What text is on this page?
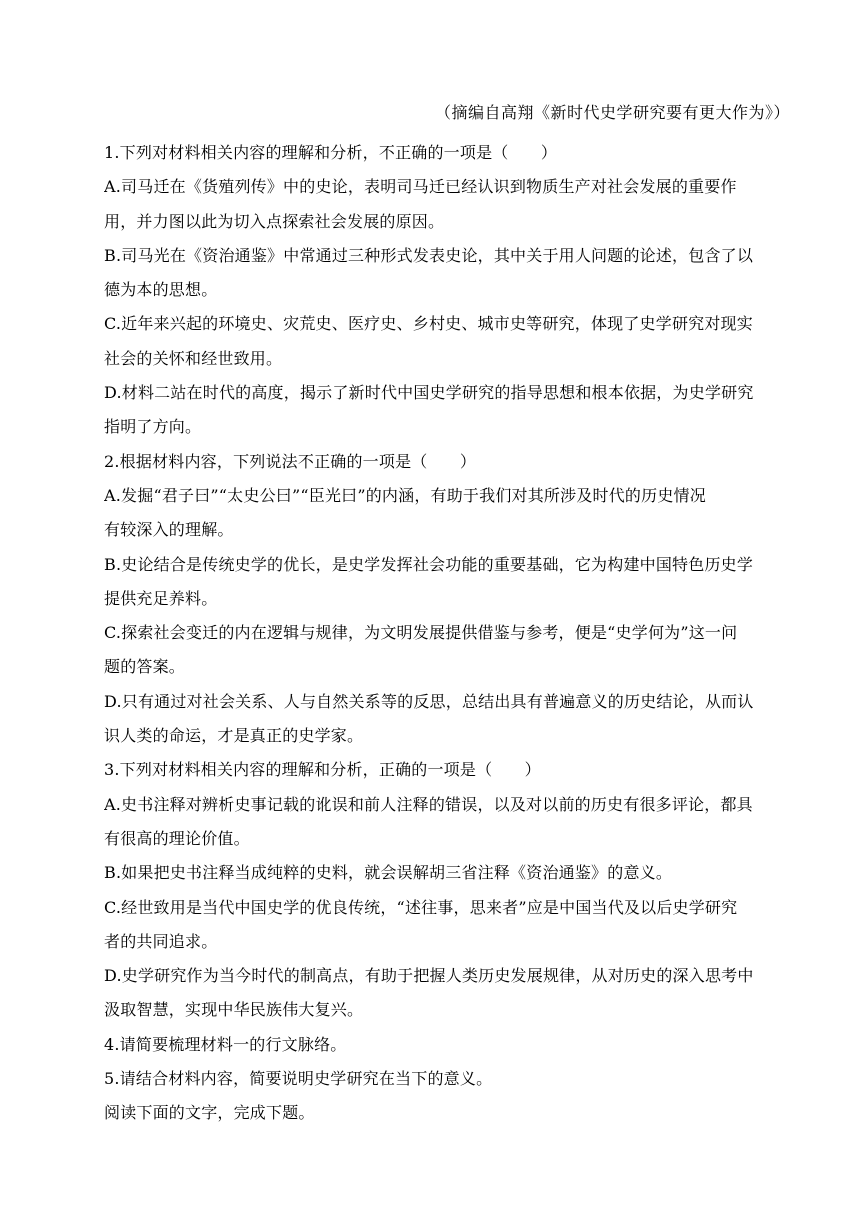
（摘编自高翔《新时代史学研究要有更大作为》）
1.下列对材料相关内容的理解和分析，不正确的一项是（　　）
A.司马迁在《货殖列传》中的史论，表明司马迁已经认识到物质生产对社会发展的重要作
用，并力图以此为切入点探索社会发展的原因。
B.司马光在《资治通鉴》中常通过三种形式发表史论，其中关于用人问题的论述，包含了以
德为本的思想。
C.近年来兴起的环境史、灾荒史、医疗史、乡村史、城市史等研究，体现了史学研究对现实
社会的关怀和经世致用。
D.材料二站在时代的高度，揭示了新时代中国史学研究的指导思想和根本依据，为史学研究
指明了方向。
2.根据材料内容，下列说法不正确的一项是（　　）
A.发掘“君子曰”“太史公曰”“臣光曰”的内涵，有助于我们对其所涉及时代的历史情况
有较深入的理解。
B.史论结合是传统史学的优长，是史学发挥社会功能的重要基础，它为构建中国特色历史学
提供充足养料。
C.探索社会变迁的内在逻辑与规律，为文明发展提供借鉴与参考，便是“史学何为”这一问
题的答案。
D.只有通过对社会关系、人与自然关系等的反思，总结出具有普遍意义的历史结论，从而认
识人类的命运，才是真正的史学家。
3.下列对材料相关内容的理解和分析，正确的一项是（　　）
A.史书注释对辨析史事记载的讹误和前人注释的错误，以及对以前的历史有很多评论，都具
有很高的理论价值。
B.如果把史书注释当成纯粹的史料，就会误解胡三省注释《资治通鉴》的意义。
C.经世致用是当代中国史学的优良传统，“述往事，思来者”应是中国当代及以后史学研究
者的共同追求。
D.史学研究作为当今时代的制高点，有助于把握人类历史发展规律，从对历史的深入思考中
汲取智慧，实现中华民族伟大复兴。
4.请简要梳理材料一的行文脉络。
5.请结合材料内容，简要说明史学研究在当下的意义。
阅读下面的文字，完成下题。
